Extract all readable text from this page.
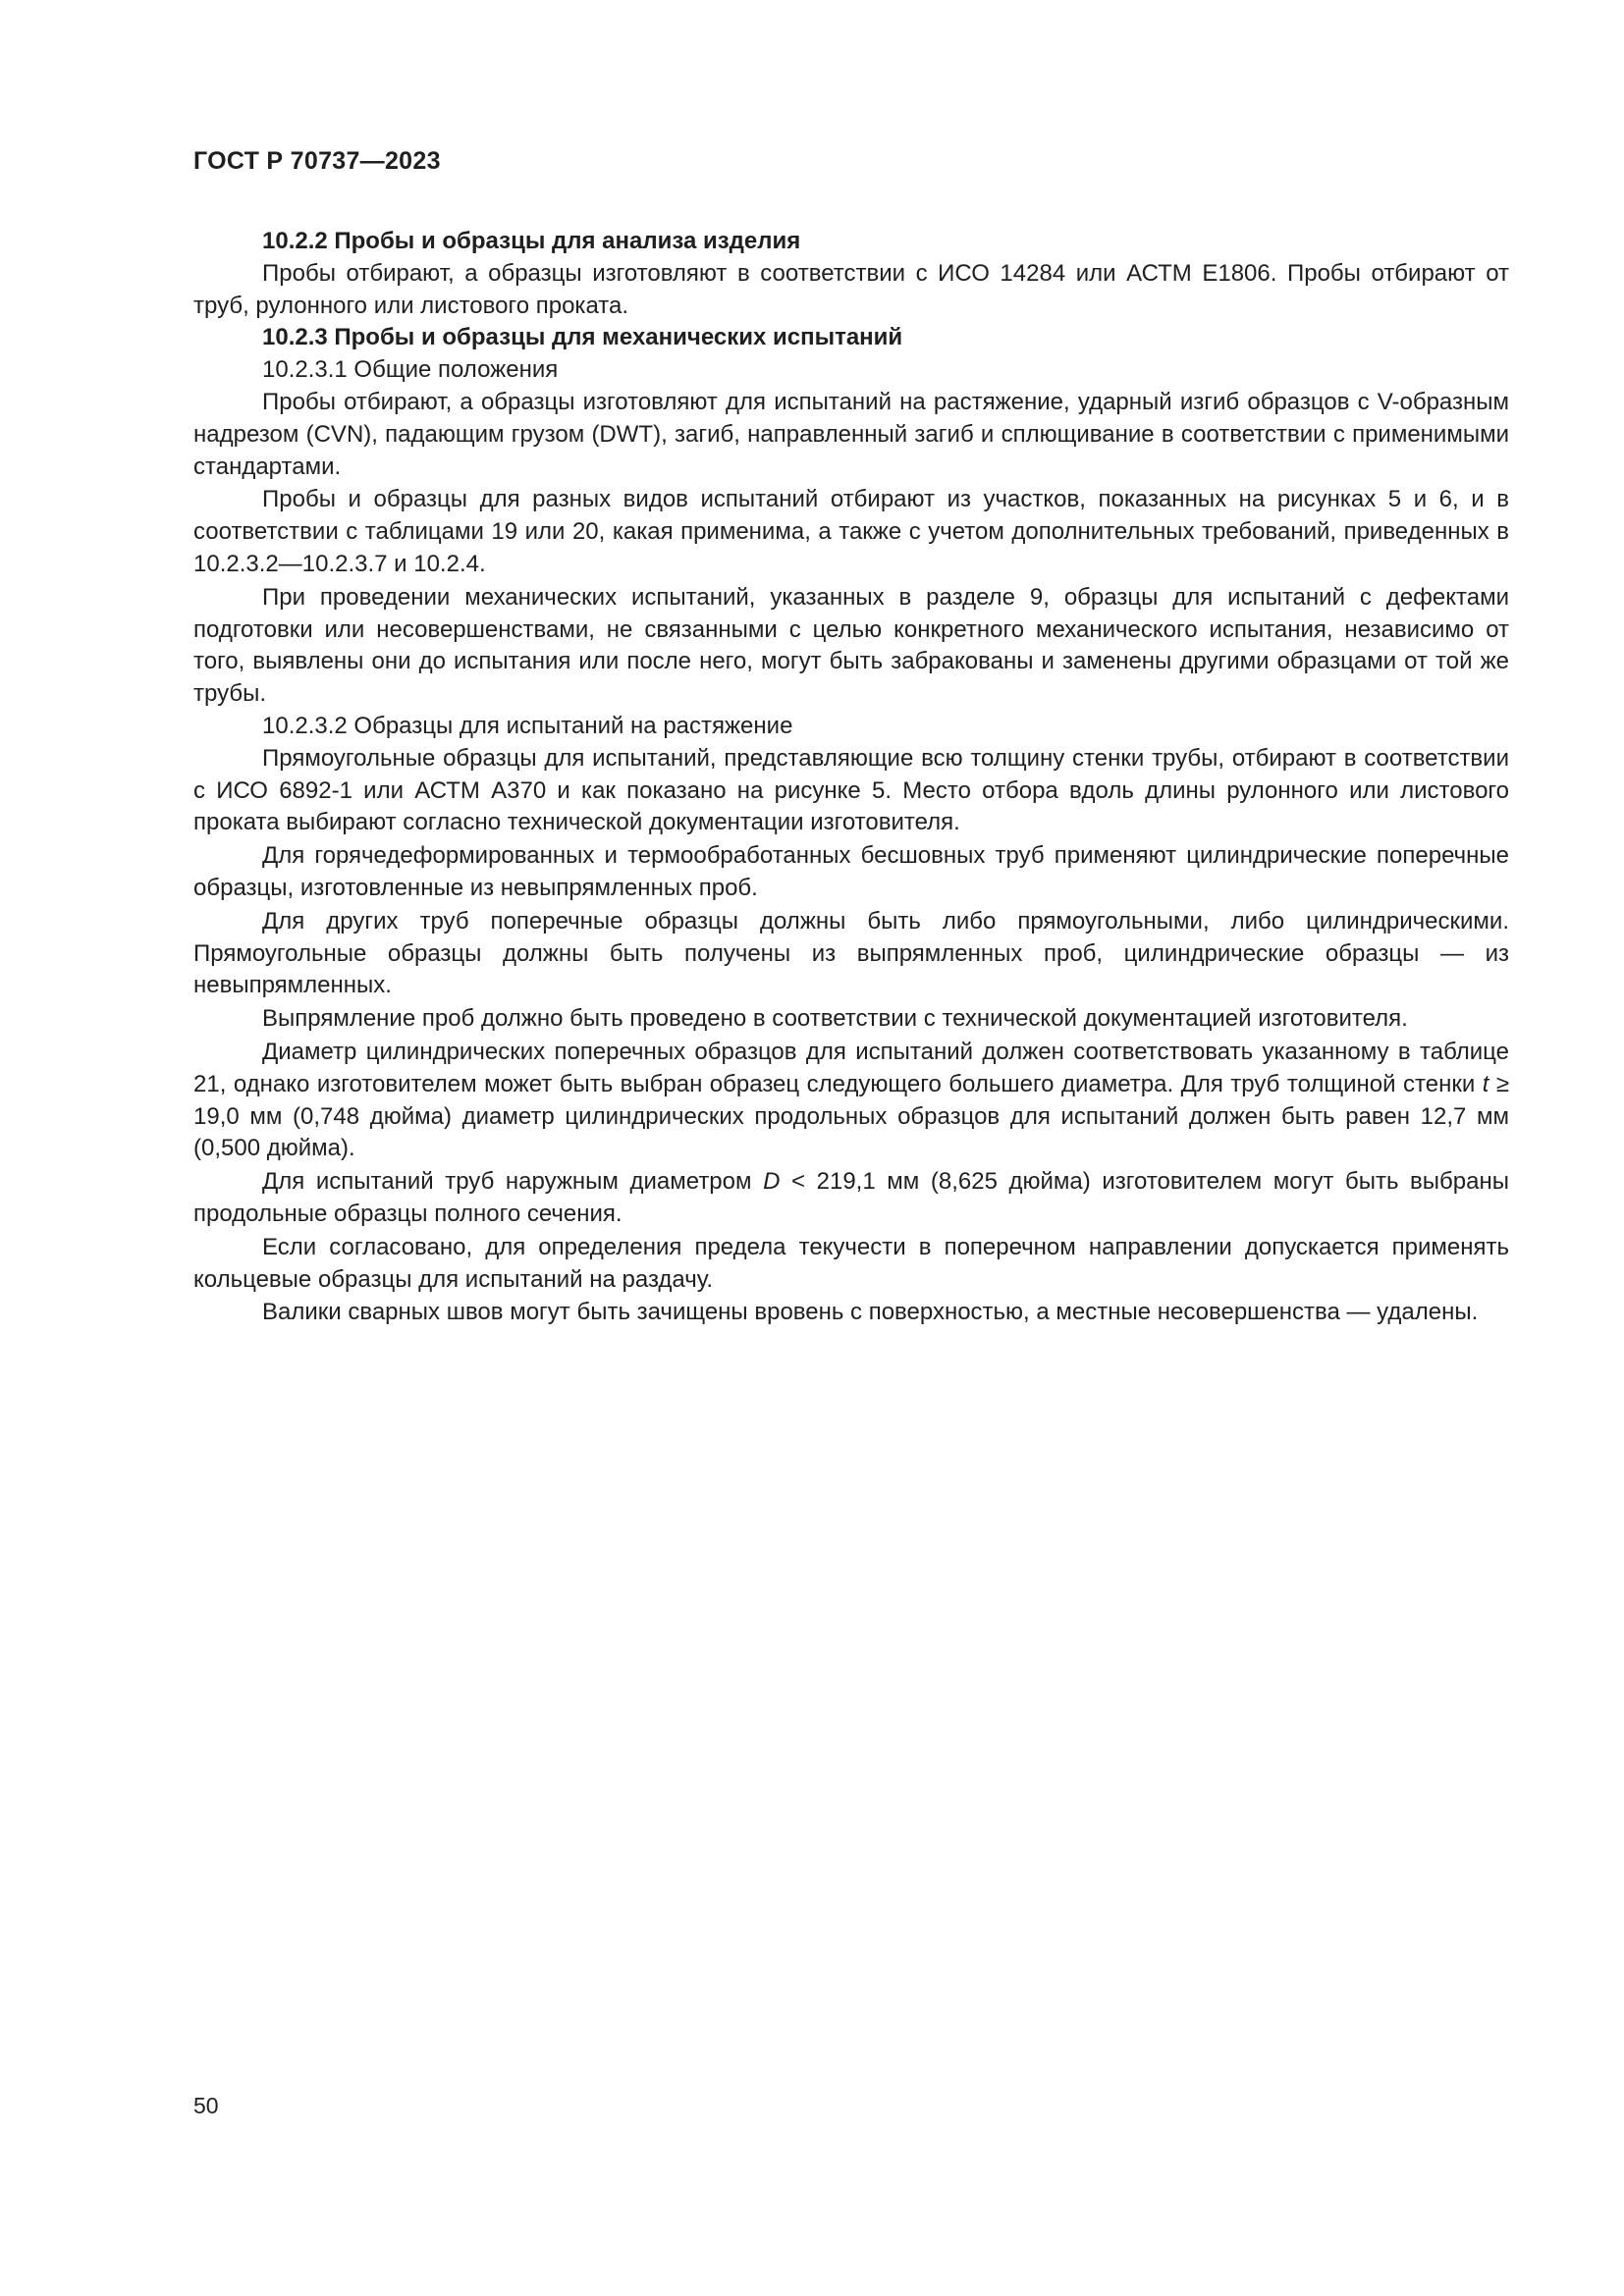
ГОСТ Р 70737—2023

10.2.2 Пробы и образцы для анализа изделия

Пробы отбирают, а образцы изготовляют в соответствии с ИСО 14284 или АСТМ Е1806. Пробы отбирают от труб, рулонного или листового проката.

10.2.3 Пробы и образцы для механических испытаний

10.2.3.1 Общие положения

Пробы отбирают, а образцы изготовляют для испытаний на растяжение, ударный изгиб образцов с V-образным надрезом (CVN), падающим грузом (DWT), загиб, направленный загиб и сплющивание в соответствии с применимыми стандартами.

Пробы и образцы для разных видов испытаний отбирают из участков, показанных на рисунках 5 и 6, и в соответствии с таблицами 19 или 20, какая применима, а также с учетом дополнительных требований, приведенных в 10.2.3.2—10.2.3.7 и 10.2.4.

При проведении механических испытаний, указанных в разделе 9, образцы для испытаний с дефектами подготовки или несовершенствами, не связанными с целью конкретного механического испытания, независимо от того, выявлены они до испытания или после него, могут быть забракованы и заменены другими образцами от той же трубы.

10.2.3.2 Образцы для испытаний на растяжение

Прямоугольные образцы для испытаний, представляющие всю толщину стенки трубы, отбирают в соответствии с ИСО 6892-1 или АСТМ А370 и как показано на рисунке 5. Место отбора вдоль длины рулонного или листового проката выбирают согласно технической документации изготовителя.

Для горячедеформированных и термообработанных бесшовных труб применяют цилиндрические поперечные образцы, изготовленные из невыпрямленных проб.

Для других труб поперечные образцы должны быть либо прямоугольными, либо цилиндрическими. Прямоугольные образцы должны быть получены из выпрямленных проб, цилиндрические образцы — из невыпрямленных.

Выпрямление проб должно быть проведено в соответствии с технической документацией изготовителя.

Диаметр цилиндрических поперечных образцов для испытаний должен соответствовать указанному в таблице 21, однако изготовителем может быть выбран образец следующего большего диаметра. Для труб толщиной стенки t ≥ 19,0 мм (0,748 дюйма) диаметр цилиндрических продольных образцов для испытаний должен быть равен 12,7 мм (0,500 дюйма).

Для испытаний труб наружным диаметром D < 219,1 мм (8,625 дюйма) изготовителем могут быть выбраны продольные образцы полного сечения.

Если согласовано, для определения предела текучести в поперечном направлении допускается применять кольцевые образцы для испытаний на раздачу.

Валики сварных швов могут быть зачищены вровень с поверхностью, а местные несовершенства — удалены.

50
